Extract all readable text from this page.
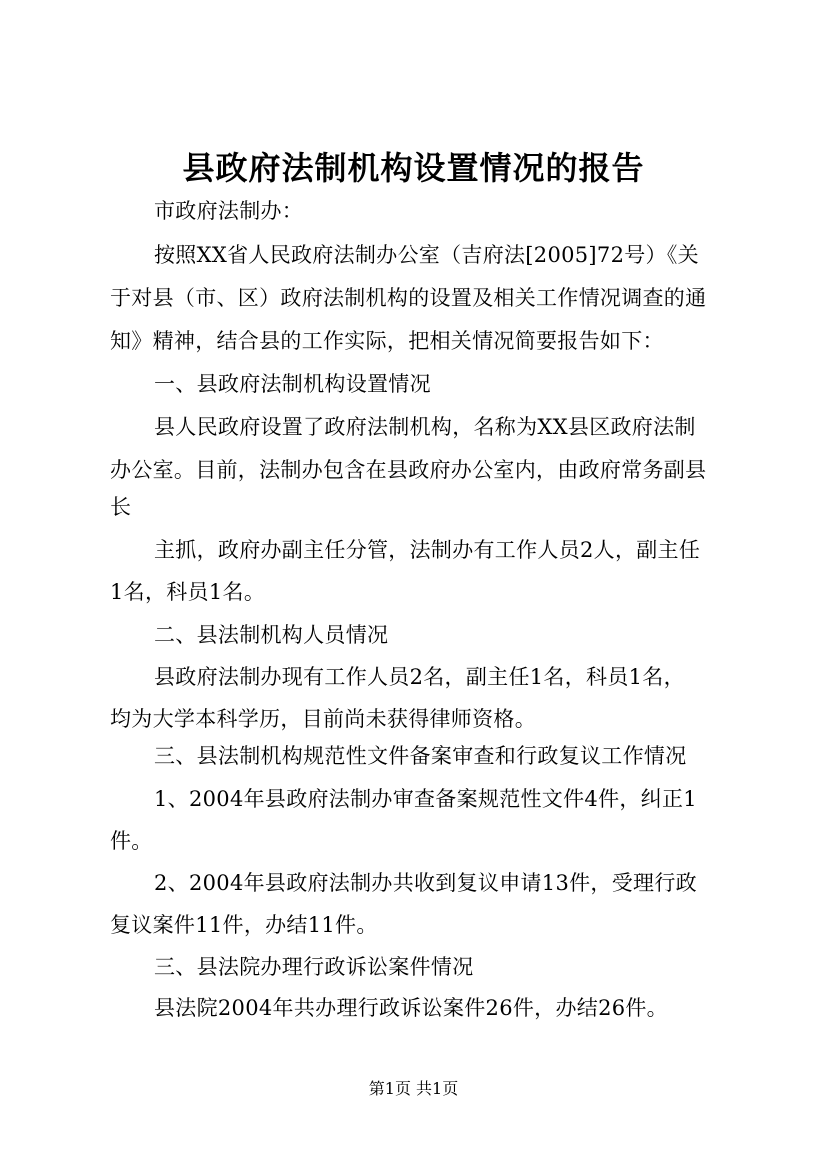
县政府法制机构设置情况的报告
市政府法制办：
按照XX省人民政府法制办公室（吉府法[2005]72号）《关
于对县（市、区）政府法制机构的设置及相关工作情况调查的通
知》精神，结合县的工作实际，把相关情况简要报告如下：
一、县政府法制机构设置情况
县人民政府设置了政府法制机构，名称为XX县区政府法制
办公室。目前，法制办包含在县政府办公室内，由政府常务副县
长
主抓，政府办副主任分管，法制办有工作人员2人，副主任
1名，科员1名。
二、县法制机构人员情况
县政府法制办现有工作人员2名，副主任1名，科员1名，
均为大学本科学历，目前尚未获得律师资格。
三、县法制机构规范性文件备案审查和行政复议工作情况
1、2004年县政府法制办审查备案规范性文件4件，纠正1
件。
2、2004年县政府法制办共收到复议申请13件，受理行政
复议案件11件，办结11件。
三、县法院办理行政诉讼案件情况
县法院2004年共办理行政诉讼案件26件，办结26件。
第1页 共1页
